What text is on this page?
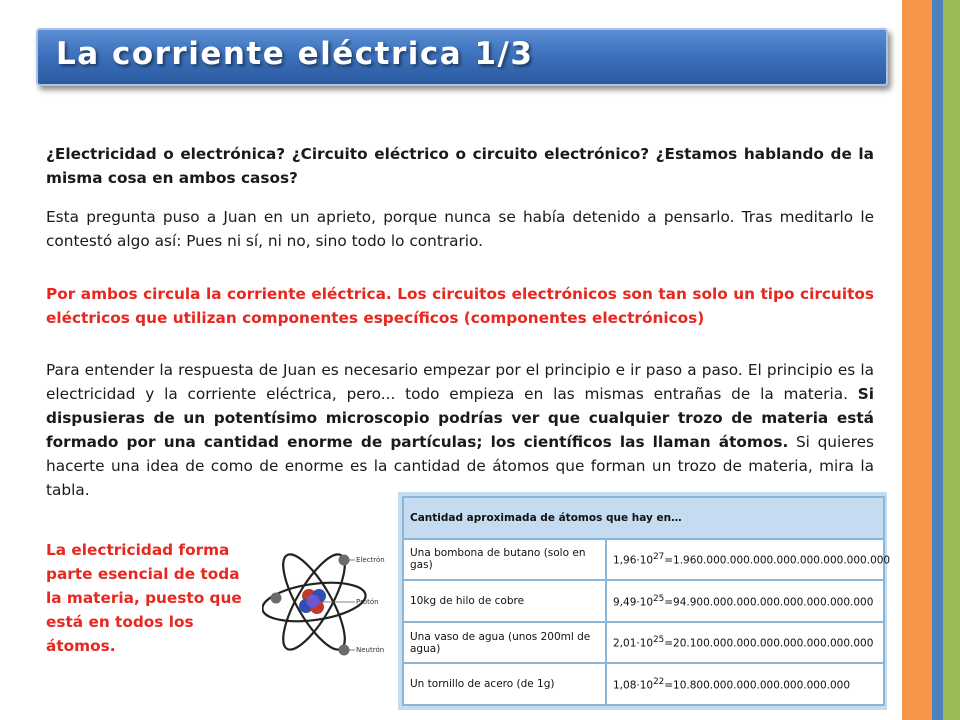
La corriente eléctrica 1/3
¿Electricidad o electrónica? ¿Circuito eléctrico o circuito electrónico? ¿Estamos hablando de la misma cosa en ambos casos?
Esta pregunta puso a Juan en un aprieto, porque nunca se había detenido a pensarlo. Tras meditarlo le contestó algo así: Pues ni sí, ni no, sino todo lo contrario.
Por ambos circula la corriente eléctrica. Los circuitos electrónicos son tan solo un tipo circuitos eléctricos que utilizan componentes específicos (componentes electrónicos)
Para entender la respuesta de Juan es necesario empezar por el principio e ir paso a paso. El principio es la electricidad y la corriente eléctrica, pero... todo empieza en las mismas entrañas de la materia. Si dispusieras de un potentísimo microscopio podrías ver que cualquier trozo de materia está formado por una cantidad enorme de partículas; los científicos las llaman átomos. Si quieres hacerte una idea de como de enorme es la cantidad de átomos que forman un trozo de materia, mira la tabla.
La electricidad forma parte esencial de toda la materia, puesto que está en todos los átomos.
Electrón
Protón
Neutrón
Cantidad aproximada de átomos que hay en…	
Una bombona de butano (solo en gas)	$1,96\cdot 10^{27}=1.960.000.000.000.000.000.000.000.000$
10kg de hilo de cobre	$9,49\cdot 10^{25}=94.900.000.000.000.000.000.000.000$
Una vaso de agua (unos 200ml de agua)	$2,01\cdot 10^{25}=20.100.000.000.000.000.000.000.000$
Un tornillo de acero (de 1g)	$1,08\cdot 10^{22}=10.800.000.000.000.000.000.000$
